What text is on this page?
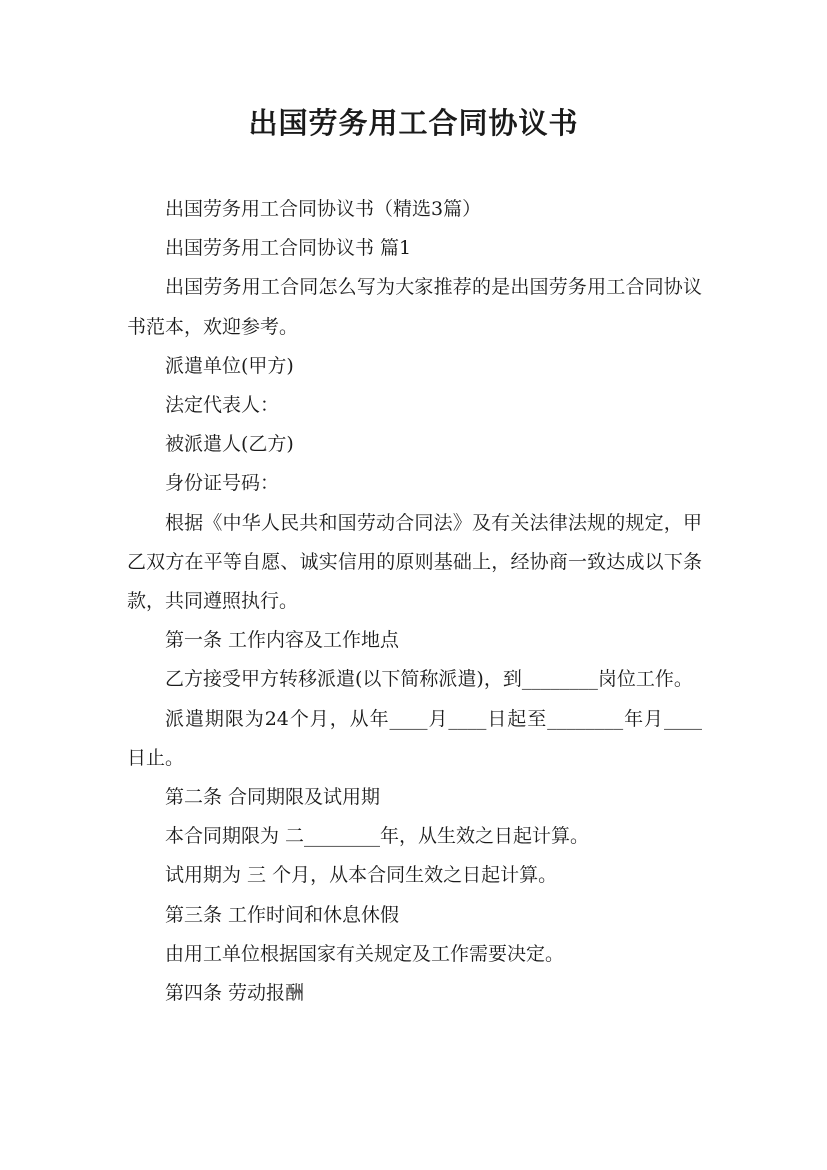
出国劳务用工合同协议书

出国劳务用工合同协议书（精选3篇）

出国劳务用工合同协议书 篇1

出国劳务用工合同怎么写为大家推荐的是出国劳务用工合同协议书范本，欢迎参考。

派遣单位(甲方)

法定代表人：

被派遣人(乙方)

身份证号码：

根据《中华人民共和国劳动合同法》及有关法律法规的规定，甲乙双方在平等自愿、诚实信用的原则基础上，经协商一致达成以下条款，共同遵照执行。

第一条 工作内容及工作地点

乙方接受甲方转移派遣(以下简称派遣)，到________岗位工作。

派遣期限为24个月，从年____月____日起至________年月____日止。

第二条 合同期限及试用期

本合同期限为 二________年，从生效之日起计算。

试用期为 三 个月，从本合同生效之日起计算。

第三条 工作时间和休息休假

由用工单位根据国家有关规定及工作需要决定。

第四条 劳动报酬
